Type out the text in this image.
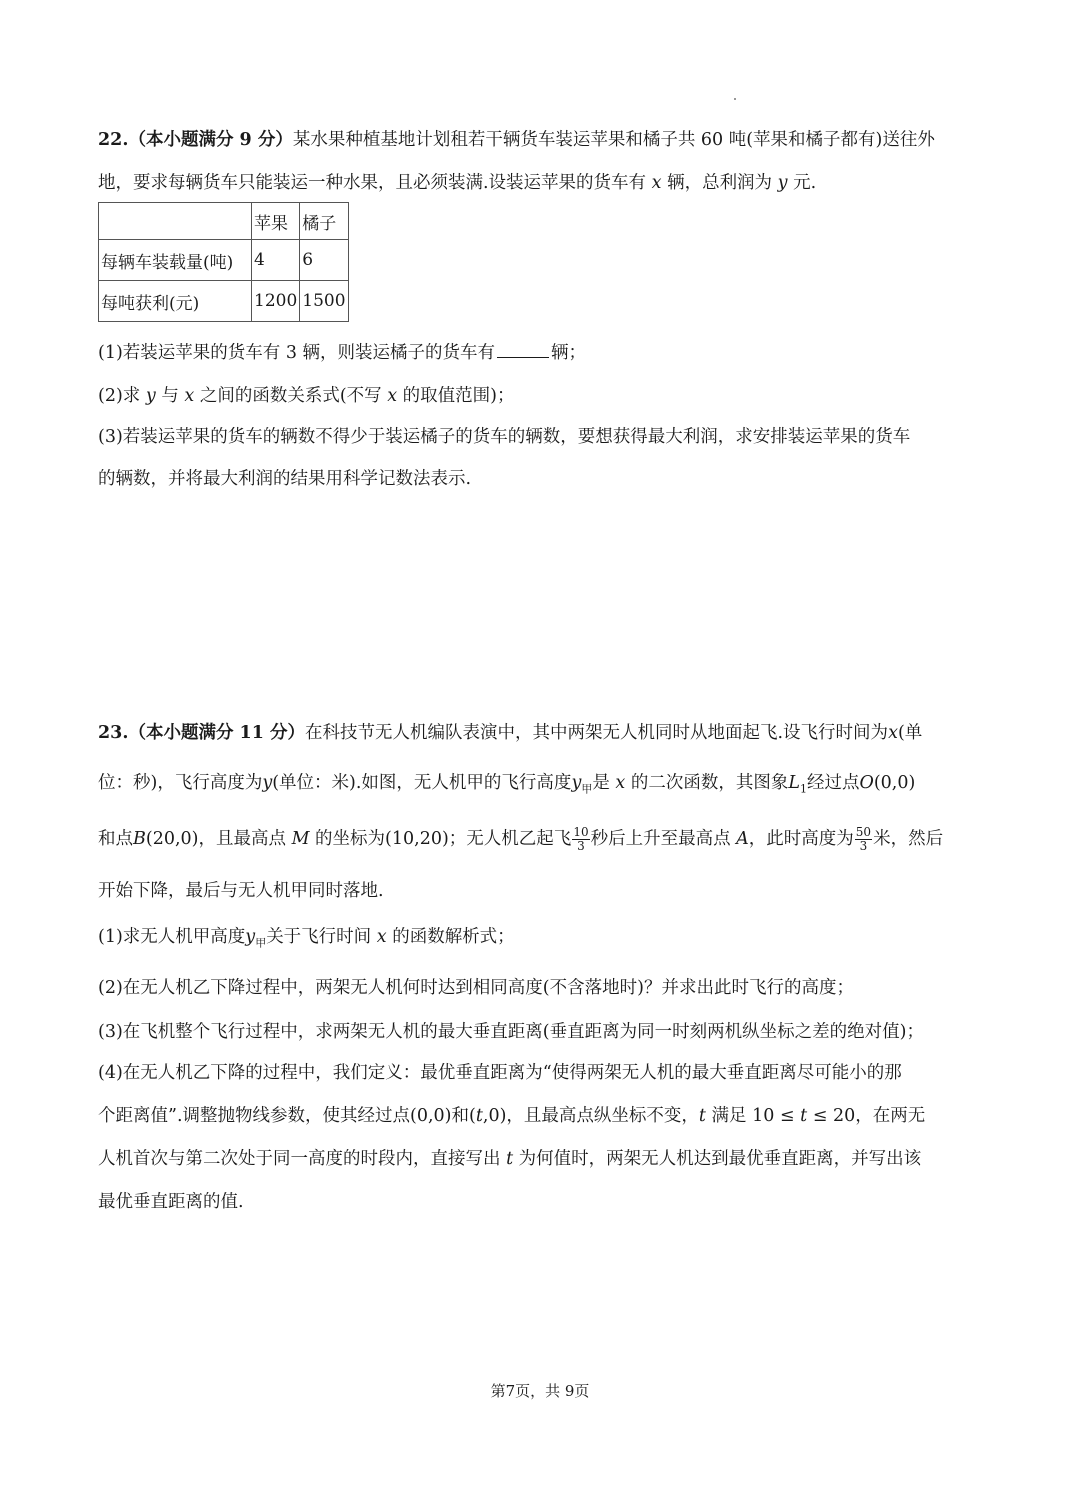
22.（本小题满分 9 分）某水果种植基地计划租若干辆货车装运苹果和橘子共 60 吨(苹果和橘子都有)送往外
地，要求每辆货车只能装运一种水果，且必须装满.设装运苹果的货车有 x 辆，总利润为 y 元.
	苹果	橘子
每辆车装载量(吨)	4	6
每吨获利(元)	1200	1500
(1)若装运苹果的货车有 3 辆，则装运橘子的货车有	辆；
(2)求 y 与 x 之间的函数关系式(不写 x 的取值范围)；
(3)若装运苹果的货车的辆数不得少于装运橘子的货车的辆数，要想获得最大利润，求安排装运苹果的货车
的辆数，并将最大利润的结果用科学记数法表示.
23.（本小题满分 11 分）在科技节无人机编队表演中，其中两架无人机同时从地面起飞.设飞行时间为x(单
位：秒)，飞行高度为y(单位：米).如图，无人机甲的飞行高度$y_甲$是 x 的二次函数，其图象$L_1$经过点O(0,0)
和点B(20,0)，且最高点 M 的坐标为(10,20)；无人机乙起飞 $\frac{10}{3}$ 秒后上升至最高点 A，此时高度为 $\frac{50}{3}$ 米，然后
开始下降，最后与无人机甲同时落地.
(1)求无人机甲高度$y_甲$关于飞行时间 x 的函数解析式；
(2)在无人机乙下降过程中，两架无人机何时达到相同高度(不含落地时)？并求出此时飞行的高度；
(3)在飞机整个飞行过程中，求两架无人机的最大垂直距离(垂直距离为同一时刻两机纵坐标之差的绝对值)；
(4)在无人机乙下降的过程中，我们定义：最优垂直距离为“使得两架无人机的最大垂直距离尽可能小的那
个距离值”.调整抛物线参数，使其经过点(0,0)和(t,0)，且最高点纵坐标不变，t 满足 10 ≤ t ≤ 20，在两无
人机首次与第二次处于同一高度的时段内，直接写出 t 为何值时，两架无人机达到最优垂直距离，并写出该
最优垂直距离的值.
第7页，共 9页
